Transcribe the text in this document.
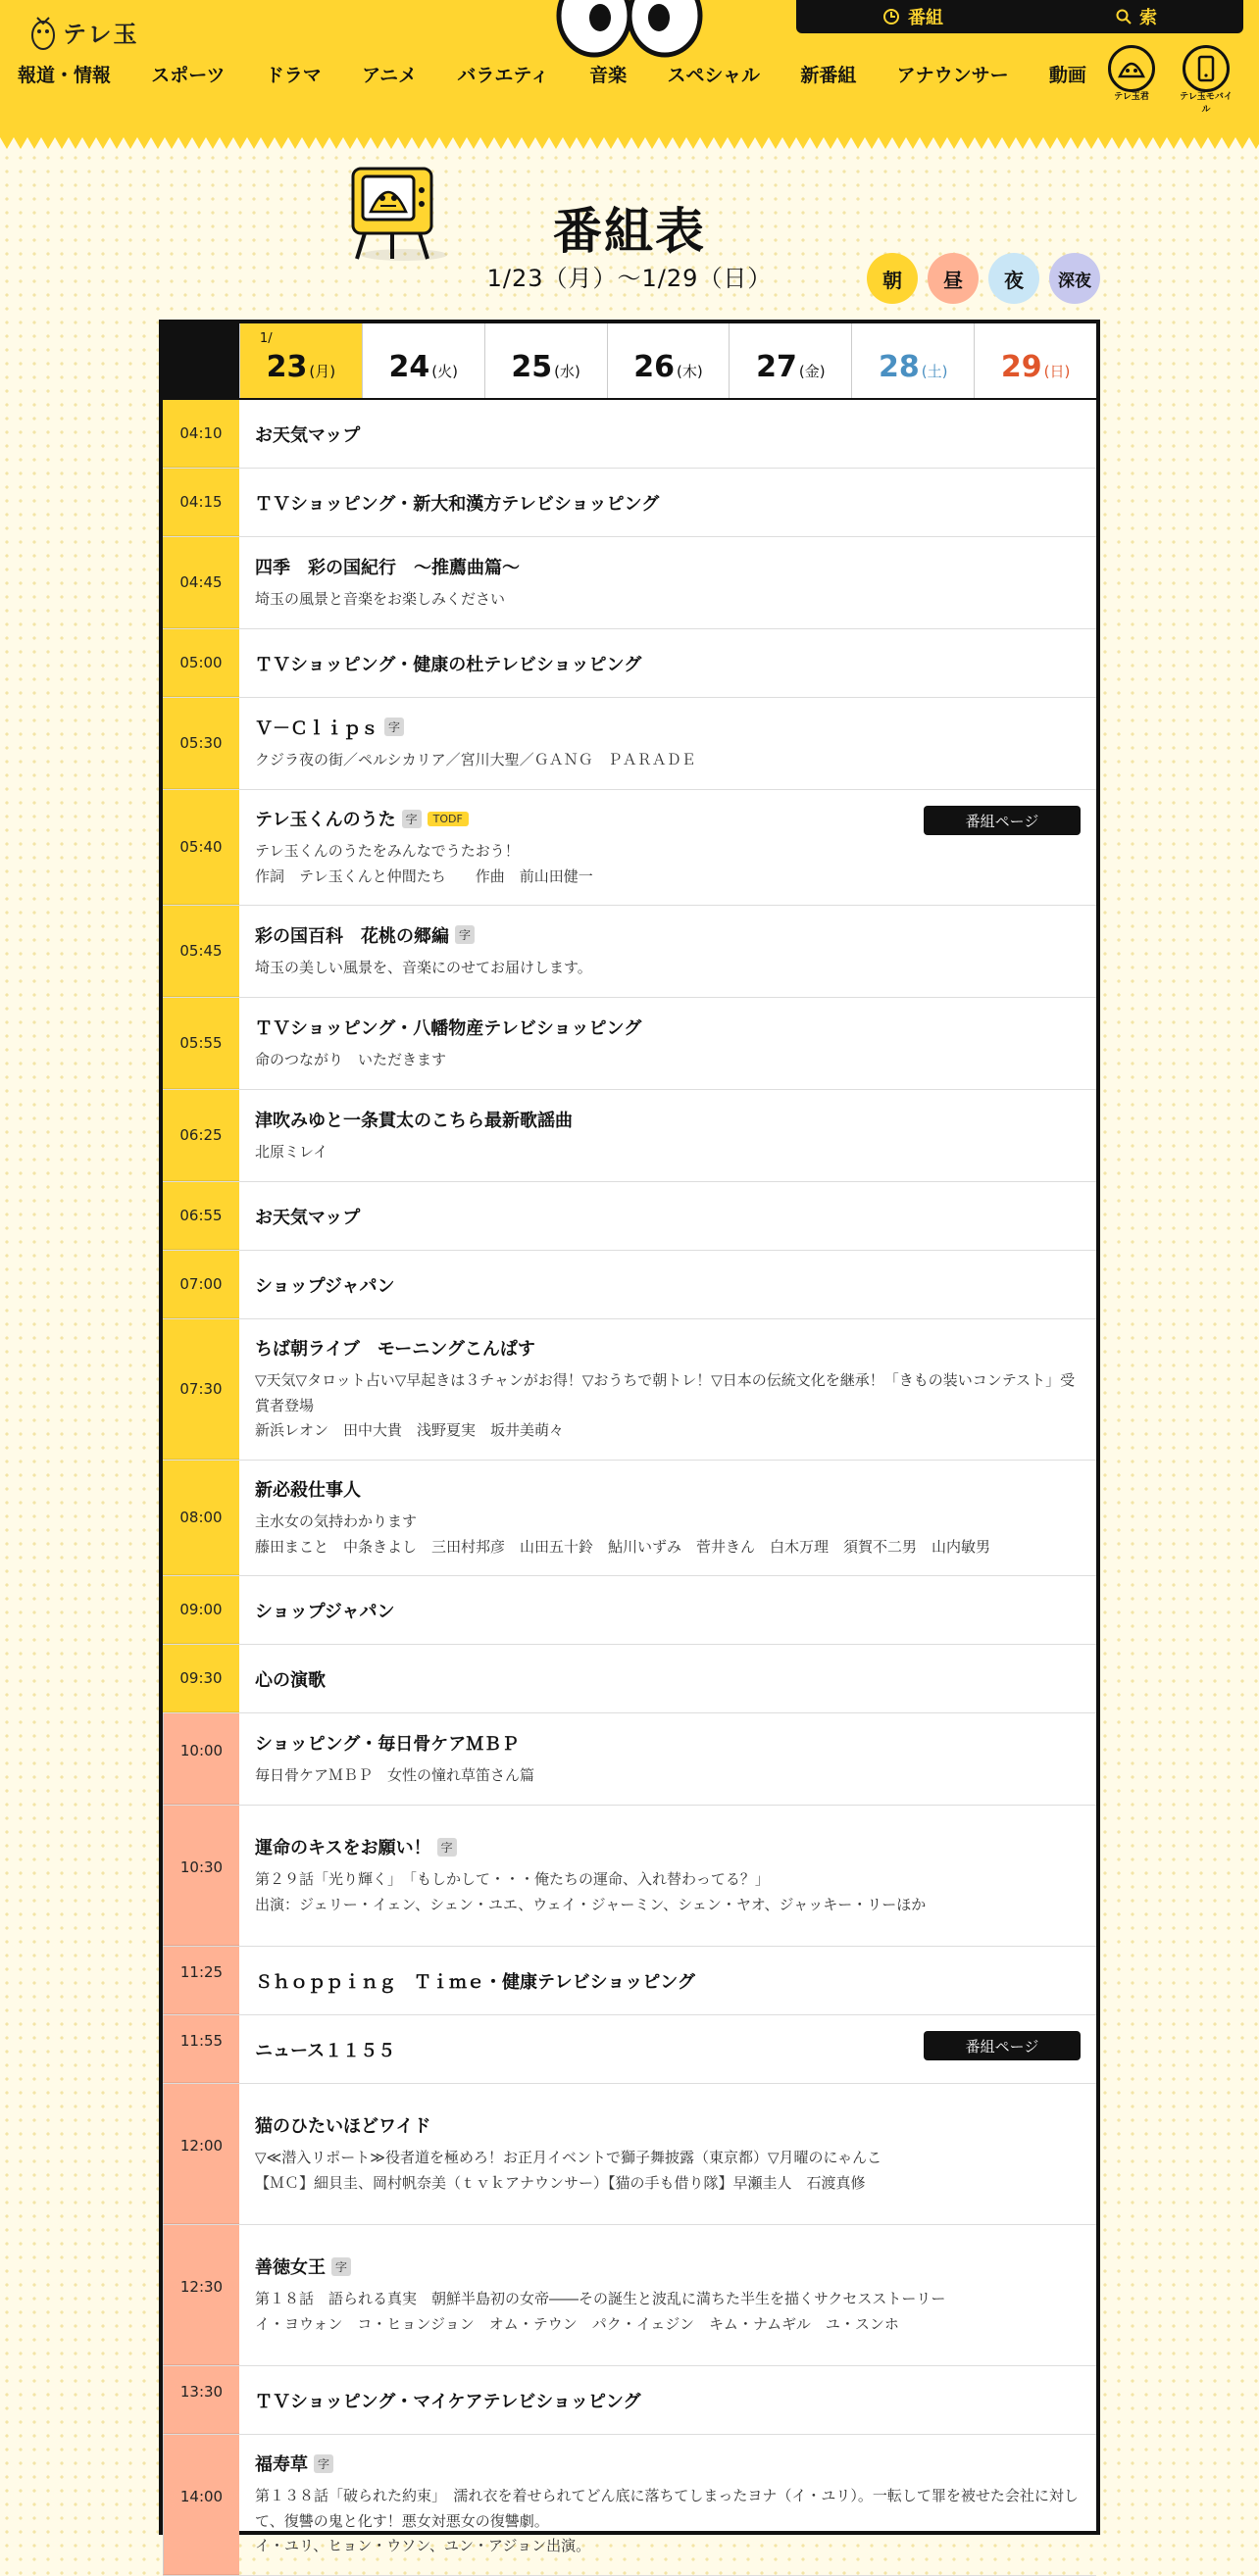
テレ玉
番組	索
報道・情報 スポーツ ドラマ アニメ バラエティ 音楽 スペシャル 新番組 アナウンサー 動画
テレ玉君	テレ玉モバイル
番組表
1/23（月）〜1/29（日）	朝 昼 夜 深夜
1/
23 (月) 24 (火) 25 (水) 26 (木) 27 (金) 28 (土) 29 (日)
04:10	お天気マップ
04:15	ＴＶショッピング・新大和漢方テレビショッピング
04:45
四季　彩の国紀行　～推薦曲篇～
埼玉の風景と音楽をお楽しみください
05:00	ＴＶショッピング・健康の杜テレビショッピング
05:30
Ｖ－Ｃｌｉｐｓ 字
クジラ夜の街／ペルシカリア／宮川大聖／ＧＡＮＧ　ＰＡＲＡＤＥ
05:40
テレ玉くんのうた 字	TODF
テレ玉くんのうたをみんなでうたおう！
作詞　テレ玉くんと仲間たち　　作曲　前山田健一
番組ページ
05:45
彩の国百科　花桃の郷編 字
埼玉の美しい風景を、音楽にのせてお届けします。
05:55
ＴＶショッピング・八幡物産テレビショッピング
命のつながり　いただきます
06:25
津吹みゆと一条貫太のこちら最新歌謡曲
北原ミレイ
06:55	お天気マップ
07:00	ショップジャパン
07:30
ちば朝ライブ　モーニングこんぱす
▽天気▽タロット占い▽早起きは３チャンがお得！▽おうちで朝トレ！▽日本の伝統文化を継承！「きもの装いコンテスト」受賞者登場
新浜レオン　田中大貴　浅野夏実　坂井美萌々
08:00
新必殺仕事人
主水女の気持わかります
藤田まこと　中条きよし　三田村邦彦　山田五十鈴　鮎川いずみ　菅井きん　白木万理　須賀不二男　山内敏男
09:00	ショップジャパン
09:30	心の演歌
10:00	ショッピング・毎日骨ケアＭＢＰ
毎日骨ケアＭＢＰ　女性の憧れ草笛さん篇
10:30
運命のキスをお願い！ 字
第２９話「光り輝く」　「もしかして・・・俺たちの運命、入れ替わってる？」
出演：ジェリー・イェン、シェン・ユエ、ウェイ・ジャーミン、シェン・ヤオ、ジャッキー・リーほか
11:25	Ｓｈｏｐｐｉｎｇ　Ｔｉｍｅ・健康テレビショッピング
11:55	ニュース１１５５	番組ページ
12:00
猫のひたいほどワイド
▽≪潜入リポート≫役者道を極めろ！お正月イベントで獅子舞披露（東京都）▽月曜のにゃんこ
【ＭＣ】細貝圭、岡村帆奈美（ｔｖｋアナウンサー）【猫の手も借り隊】早瀬圭人　石渡真修
12:30
善徳女王 字
第１８話　語られる真実　朝鮮半島初の女帝――その誕生と波乱に満ちた半生を描くサクセスストーリー
イ・ヨウォン　コ・ヒョンジョン　オム・テウン　パク・イェジン　キム・ナムギル　ユ・スンホ
13:30	ＴＶショッピング・マイケアテレビショッピング
14:00
福寿草 字
第１３８話「破られた約束」　濡れ衣を着せられてどん底に落ちてしまったヨナ（イ・ユリ）。一転して罪を被せた会社に対して、復讐の鬼と化す！悪女対悪女の復讐劇。
イ・ユリ、ヒョン・ウソン、ユン・アジョン出演。
